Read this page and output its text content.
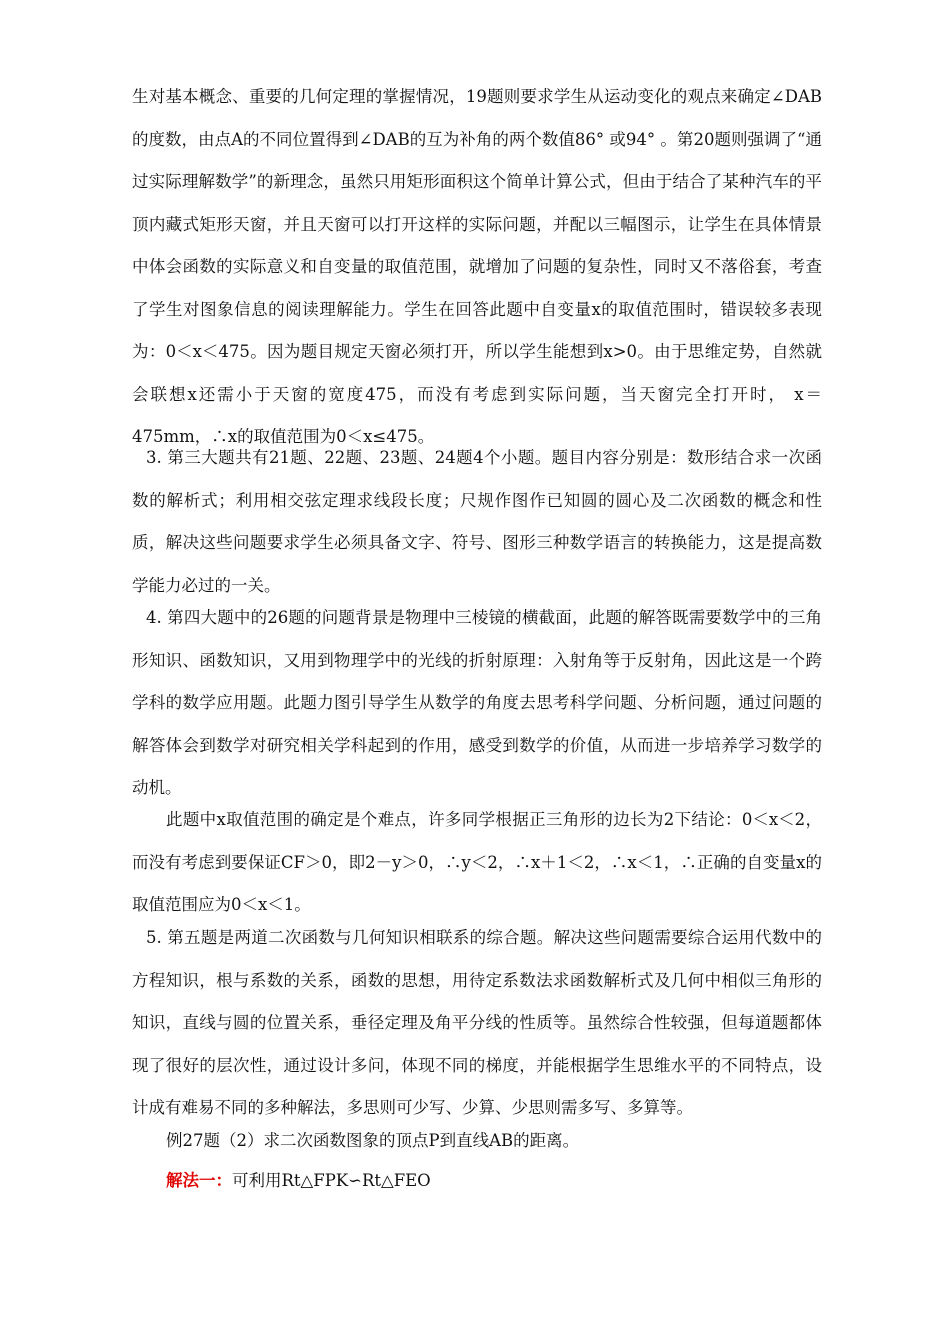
生对基本概念、重要的几何定理的掌握情况，19题则要求学生从运动变化的观点来确定∠DAB的度数，由点A的不同位置得到∠DAB的互为补角的两个数值86° 或94° 。第20题则强调了“通过实际理解数学”的新理念，虽然只用矩形面积这个简单计算公式，但由于结合了某种汽车的平顶内藏式矩形天窗，并且天窗可以打开这样的实际问题，并配以三幅图示，让学生在具体情景中体会函数的实际意义和自变量的取值范围，就增加了问题的复杂性，同时又不落俗套，考查了学生对图象信息的阅读理解能力。学生在回答此题中自变量x的取值范围时，错误较多表现为：0＜x＜475。因为题目规定天窗必须打开，所以学生能想到x>0。由于思维定势，自然就会联想x还需小于天窗的宽度475，而没有考虑到实际问题，当天窗完全打开时， x＝475mm，∴x的取值范围为0＜x≤475。

3. 第三大题共有21题、22题、23题、24题4个小题。题目内容分别是：数形结合求一次函数的解析式；利用相交弦定理求线段长度；尺规作图作已知圆的圆心及二次函数的概念和性质，解决这些问题要求学生必须具备文字、符号、图形三种数学语言的转换能力，这是提高数学能力必过的一关。

4. 第四大题中的26题的问题背景是物理中三棱镜的横截面，此题的解答既需要数学中的三角形知识、函数知识，又用到物理学中的光线的折射原理：入射角等于反射角，因此这是一个跨学科的数学应用题。此题力图引导学生从数学的角度去思考科学问题、分析问题，通过问题的解答体会到数学对研究相关学科起到的作用，感受到数学的价值，从而进一步培养学习数学的动机。

此题中x取值范围的确定是个难点，许多同学根据正三角形的边长为2下结论：0＜x＜2，而没有考虑到要保证CF＞0，即2－y＞0，∴y＜2，∴x＋1＜2，∴x＜1，∴正确的自变量x的取值范围应为0＜x＜1。

5. 第五题是两道二次函数与几何知识相联系的综合题。解决这些问题需要综合运用代数中的方程知识，根与系数的关系，函数的思想，用待定系数法求函数解析式及几何中相似三角形的知识，直线与圆的位置关系，垂径定理及角平分线的性质等。虽然综合性较强，但每道题都体现了很好的层次性，通过设计多问，体现不同的梯度，并能根据学生思维水平的不同特点，设计成有难易不同的多种解法，多思则可少写、少算、少思则需多写、多算等。

例27题（2）求二次函数图象的顶点P到直线AB的距离。

解法一：可利用Rt△FPK∽Rt△FEO
